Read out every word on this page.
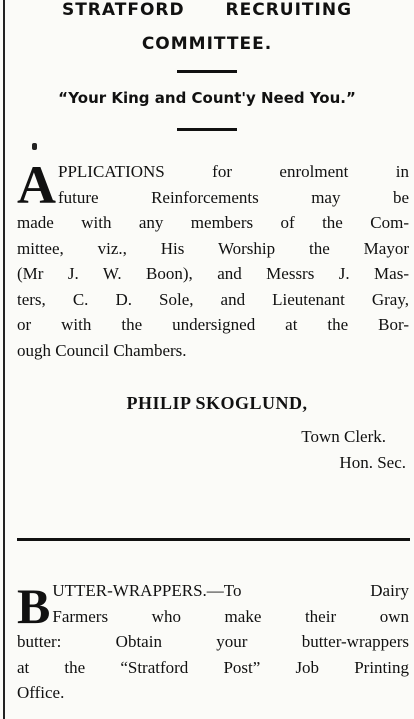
STRATFORD RECRUITING
COMMITTEE.
“Your King and Count'y Need You.”
A PPLICATIONS for enrolment in
future Reinforcements may be
made with any members of the Com-
mittee, viz., His Worship the Mayor
(Mr J. W. Boon), and Messrs J. Mas-
ters, C. D. Sole, and Lieutenant Gray,
or with the undersigned at the Bor-
ough Council Chambers.
PHILIP SKOGLUND,
Town Clerk.
Hon. Sec.
B UTTER-WRAPPERS.—To Dairy
Farmers who make their own
butter: Obtain your butter-wrappers
at the “Stratford Post” Job Printing
Office.
